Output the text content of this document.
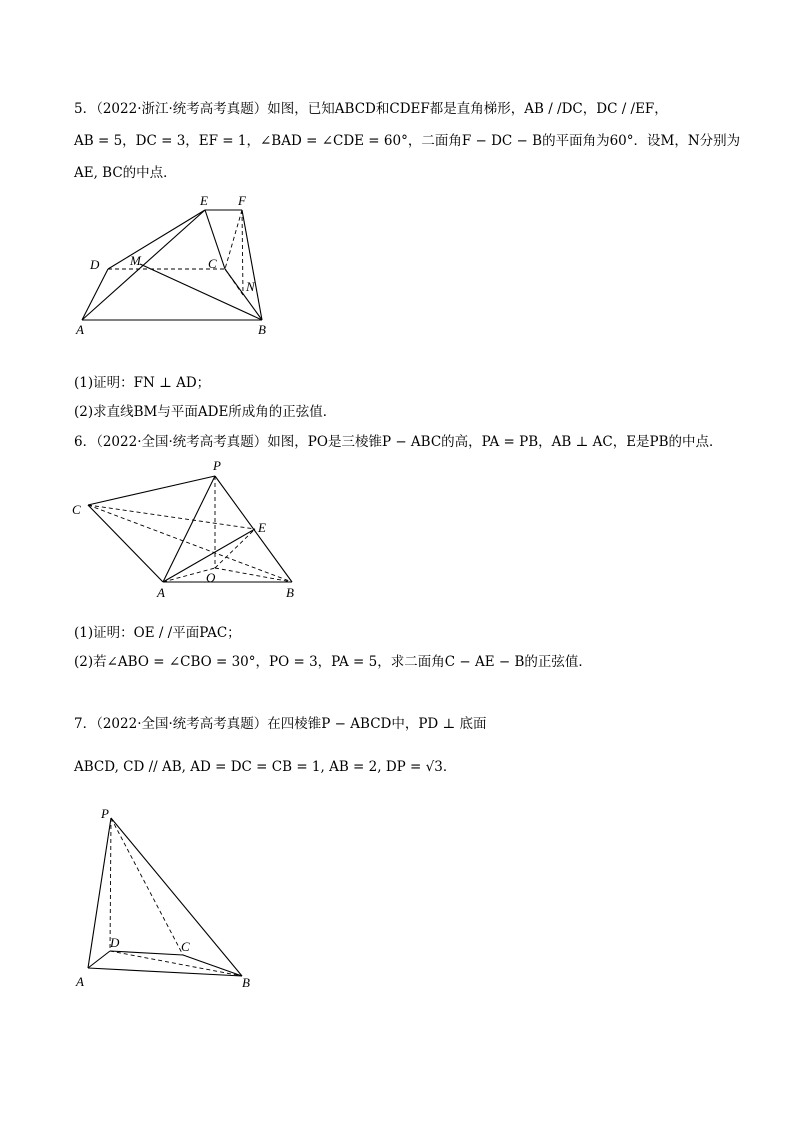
5．（2022·浙江·统考高考真题）如图，已知ABCD和CDEF都是直角梯形，AB / /DC，DC / /EF，
AB = 5，DC = 3，EF = 1，∠BAD = ∠CDE = 60°，二面角F − DC − B的平面角为60°．设M，N分别为
AE, BC的中点．
E F
D M	C
N
A	B
P
C
E
O
A	B
P
D	C
A	B
(1)证明：FN ⊥ AD；
(2)求直线BM与平面ADE所成角的正弦值．
6．（2022·全国·统考高考真题）如图，PO是三棱锥P − ABC的高，PA = PB，AB ⊥ AC，E是PB的中点．
(1)证明：OE / /平面PAC；
(2)若∠ABO = ∠CBO = 30°，PO = 3，PA = 5，求二面角C − AE − B的正弦值．
7．（2022·全国·统考高考真题）在四棱锥P − ABCD中，PD ⊥ 底面
ABCD, CD // AB, AD = DC = CB = 1, AB = 2, DP = √3．
